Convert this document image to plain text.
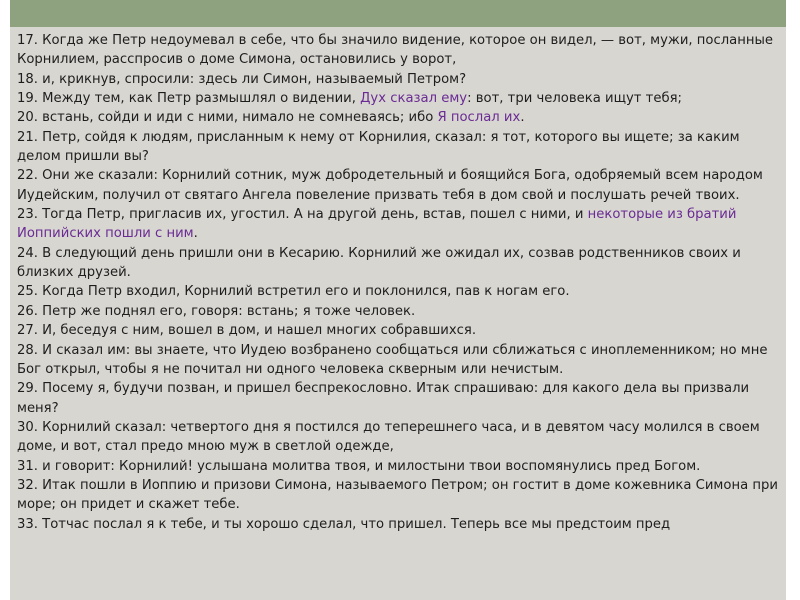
17. Когда же Петр недоумевал в себе, что бы значило видение, которое он видел, — вот, мужи, посланные Корнилием, расспросив о доме Симона, остановились у ворот,
18. и, крикнув, спросили: здесь ли Симон, называемый Петром?
19. Между тем, как Петр размышлял о видении, Дух сказал ему: вот, три человека ищут тебя;
20. встань, сойди и иди с ними, нимало не сомневаясь; ибо Я послал их.
21. Петр, сойдя к людям, присланным к нему от Корнилия, сказал: я тот, которого вы ищете; за каким делом пришли вы?
22. Они же сказали: Корнилий сотник, муж добродетельный и боящийся Бога, одобряемый всем народом Иудейским, получил от святаго Ангела повеление призвать тебя в дом свой и послушать речей твоих.
23. Тогда Петр, пригласив их, угостил. А на другой день, встав, пошел с ними, и некоторые из братий Иоппийских пошли с ним.
24. В следующий день пришли они в Кесарию. Корнилий же ожидал их, созвав родственников своих и близких друзей.
25. Когда Петр входил, Корнилий встретил его и поклонился, пав к ногам его.
26. Петр же поднял его, говоря: встань; я тоже человек.
27. И, беседуя с ним, вошел в дом, и нашел многих собравшихся.
28. И сказал им: вы знаете, что Иудею возбранено сообщаться или сближаться с иноплеменником; но мне Бог открыл, чтобы я не почитал ни одного человека скверным или нечистым.
29. Посему я, будучи позван, и пришел беспрекословно. Итак спрашиваю: для какого дела вы призвали меня?
30. Корнилий сказал: четвертого дня я постился до теперешнего часа, и в девятом часу молился в своем доме, и вот, стал предо мною муж в светлой одежде,
31. и говорит: Корнилий! услышана молитва твоя, и милостыни твои воспомянулись пред Богом.
32. Итак пошли в Иоппию и призови Симона, называемого Петром; он гостит в доме кожевника Симона при море; он придет и скажет тебе.
33. Тотчас послал я к тебе, и ты хорошо сделал, что пришел. Теперь все мы предстоим пред
